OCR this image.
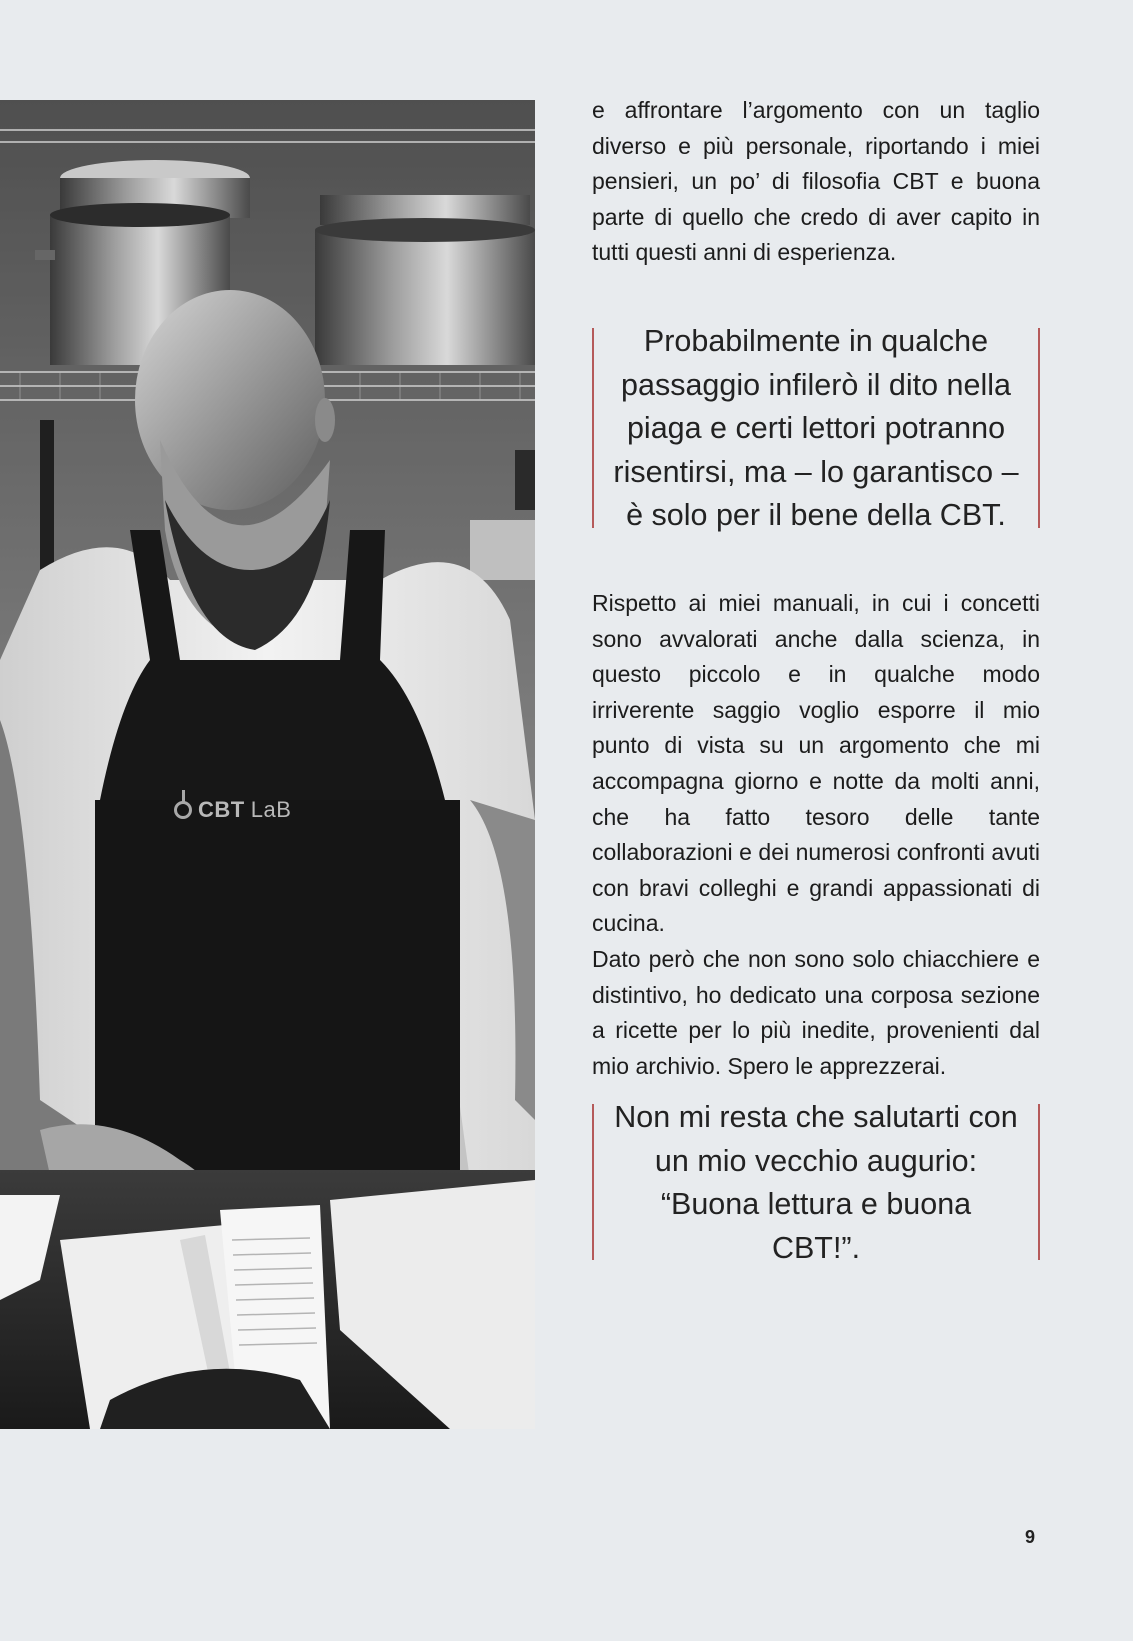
CBT LaB

e affrontare l’argomento con un taglio diverso e più personale, riportando i miei pensieri, un po’ di filosofia CBT e buona parte di quello che credo di aver capito in tutti questi anni di esperienza.

Probabilmente in qualche passaggio infilerò il dito nella piaga e certi lettori potranno risentirsi, ma – lo garantisco – è solo per il bene della CBT.

Rispetto ai miei manuali, in cui i concetti sono avvalorati anche dalla scienza, in questo piccolo e in qualche modo irriverente saggio voglio esporre il mio punto di vista su un argomento che mi accompagna giorno e notte da molti anni, che ha fatto tesoro delle tante collaborazioni e dei numerosi confronti avuti con bravi colleghi e grandi appassionati di cucina.

Dato però che non sono solo chiacchiere e distintivo, ho dedicato una corposa sezione a ricette per lo più inedite, provenienti dal mio archivio. Spero le apprezzerai.

Non mi resta che salutarti con un mio vecchio augurio: “Buona lettura e buona CBT!”.
9
